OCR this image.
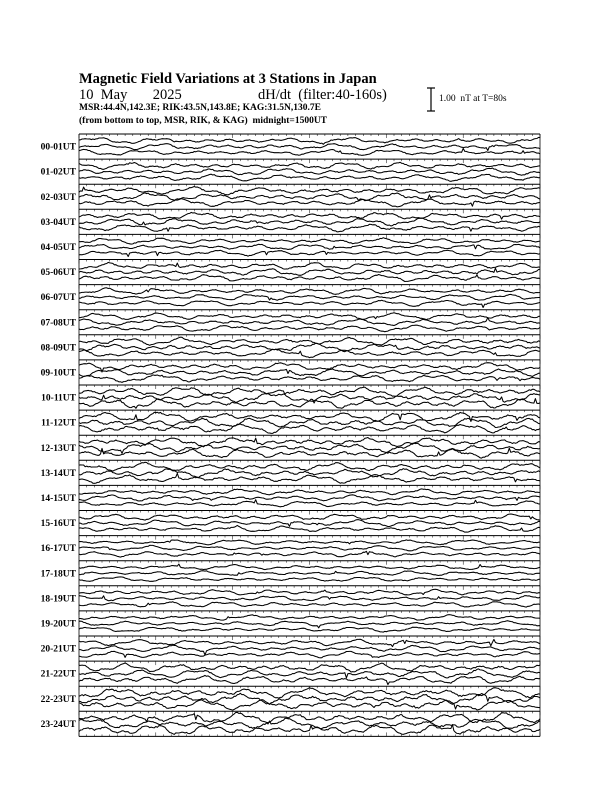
Magnetic Field Variations at 3 Stations in Japan
10  May       2025	dH/dt  (filter:40-160s)
MSR:44.4N,142.3E; RIK:43.5N,143.8E; KAG:31.5N,130.7E
(from bottom to top, MSR, RIK, & KAG)  midnight=1500UT
1.00  nT at T=80s
00-01UT
01-02UT
02-03UT
03-04UT
04-05UT
05-06UT
06-07UT
07-08UT
08-09UT
09-10UT
10-11UT
11-12UT
12-13UT
13-14UT
14-15UT
15-16UT
16-17UT
17-18UT
18-19UT
19-20UT
20-21UT
21-22UT
22-23UT
23-24UT
